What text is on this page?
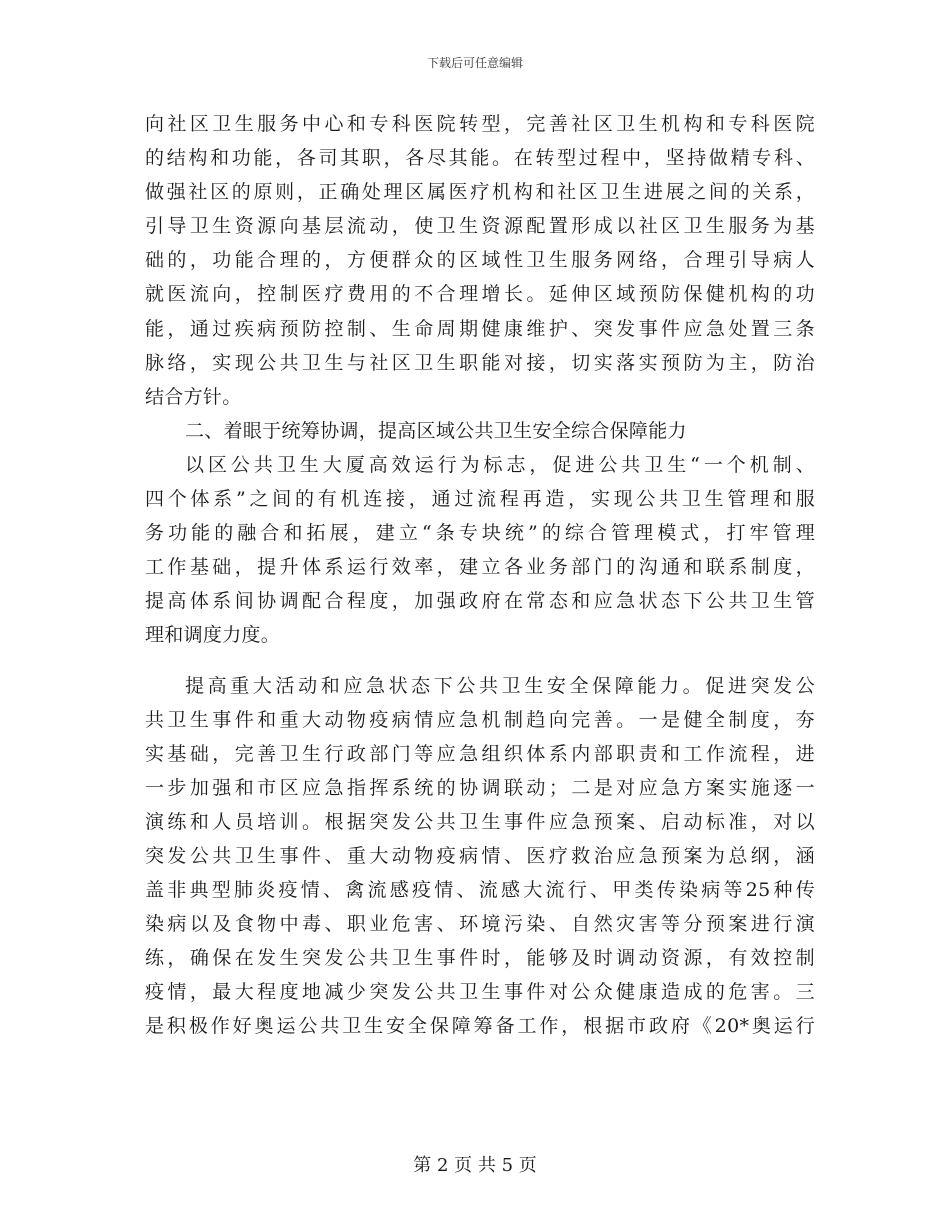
下载后可任意编辑
向社区卫生服务中心和专科医院转型，完善社区卫生机构和专科医院
的结构和功能，各司其职，各尽其能。在转型过程中，坚持做精专科、
做强社区的原则，正确处理区属医疗机构和社区卫生进展之间的关系，
引导卫生资源向基层流动，使卫生资源配置形成以社区卫生服务为基
础的，功能合理的，方便群众的区域性卫生服务网络，合理引导病人
就医流向，控制医疗费用的不合理增长。延伸区域预防保健机构的功
能，通过疾病预防控制、生命周期健康维护、突发事件应急处置三条
脉络，实现公共卫生与社区卫生职能对接，切实落实预防为主，防治
结合方针。
二、着眼于统筹协调，提高区域公共卫生安全综合保障能力
以区公共卫生大厦高效运行为标志，促进公共卫生“一个机制、
四个体系”之间的有机连接，通过流程再造，实现公共卫生管理和服
务功能的融合和拓展，建立“条专块统”的综合管理模式，打牢管理
工作基础，提升体系运行效率，建立各业务部门的沟通和联系制度，
提高体系间协调配合程度，加强政府在常态和应急状态下公共卫生管
理和调度力度。
提高重大活动和应急状态下公共卫生安全保障能力。促进突发公
共卫生事件和重大动物疫病情应急机制趋向完善。一是健全制度，夯
实基础，完善卫生行政部门等应急组织体系内部职责和工作流程，进
一步加强和市区应急指挥系统的协调联动；二是对应急方案实施逐一
演练和人员培训。根据突发公共卫生事件应急预案、启动标准，对以
突发公共卫生事件、重大动物疫病情、医疗救治应急预案为总纲，涵
盖非典型肺炎疫情、禽流感疫情、流感大流行、甲类传染病等25种传
染病以及食物中毒、职业危害、环境污染、自然灾害等分预案进行演
练，确保在发生突发公共卫生事件时，能够及时调动资源，有效控制
疫情，最大程度地减少突发公共卫生事件对公众健康造成的危害。三
是积极作好奥运公共卫生安全保障筹备工作，根据市政府《20*奥运行
第 2 页 共 5 页
